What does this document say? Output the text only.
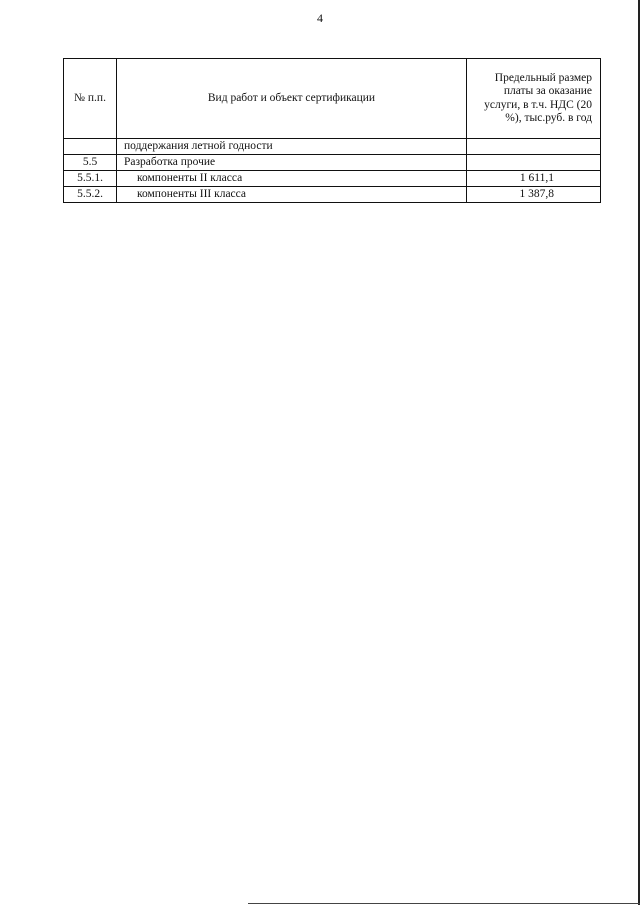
4
№ п.п.	Вид работ и объект сертификации	Предельный размер платы за оказание услуги, в т.ч. НДС (20 %), тыс.руб. в год
	поддержания летной годности	
5.5	Разработка прочие	
5.5.1.	компоненты II класса	1 611,1
5.5.2.	компоненты III класса	1 387,8
